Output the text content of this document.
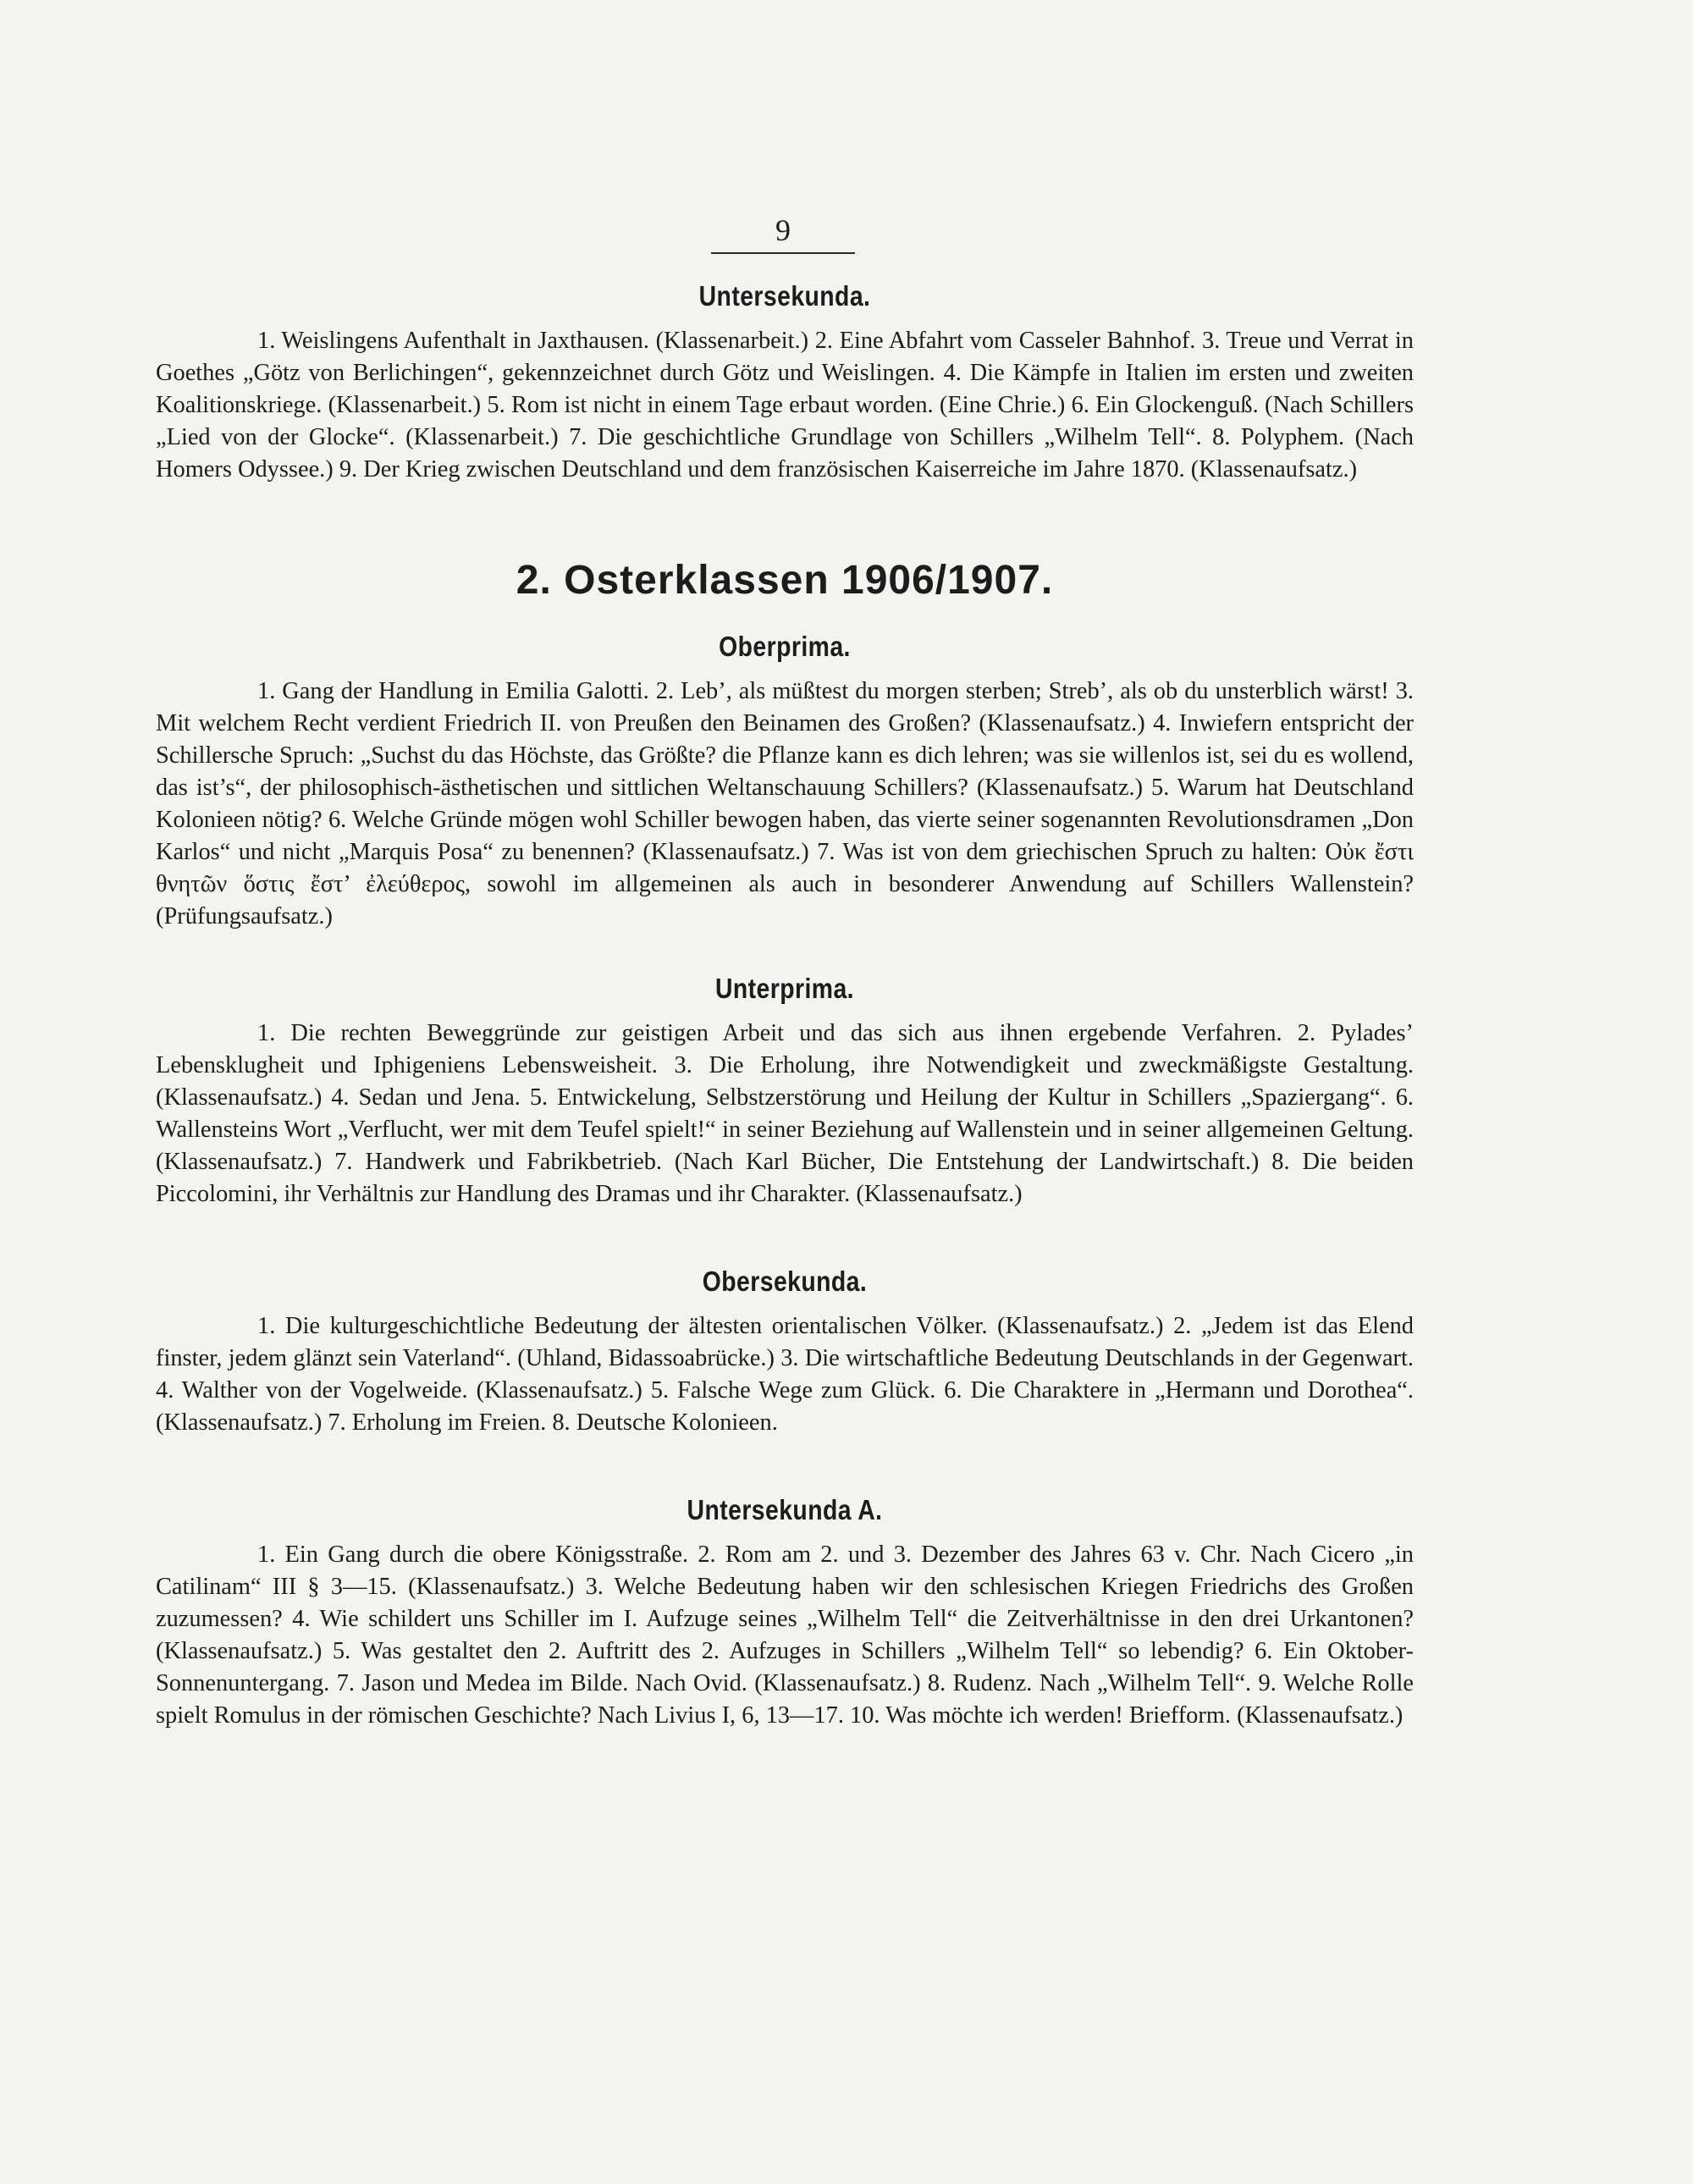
9
Untersekunda.

1. Weislingens Aufenthalt in Jaxthausen. (Klassenarbeit.) 2. Eine Abfahrt vom Casseler Bahnhof. 3. Treue und Verrat in Goethes „Götz von Berlichingen“, gekennzeichnet durch Götz und Weislingen. 4. Die Kämpfe in Italien im ersten und zweiten Koalitionskriege. (Klassenarbeit.) 5. Rom ist nicht in einem Tage erbaut worden. (Eine Chrie.) 6. Ein Glockenguß. (Nach Schillers „Lied von der Glocke“. (Klassenarbeit.) 7. Die geschichtliche Grundlage von Schillers „Wilhelm Tell“. 8. Polyphem. (Nach Homers Odyssee.) 9. Der Krieg zwischen Deutschland und dem französischen Kaiserreiche im Jahre 1870. (Klassenaufsatz.)

2. Osterklassen 1906/1907.
Oberprima.

1. Gang der Handlung in Emilia Galotti. 2. Leb’, als müßtest du morgen sterben; Streb’, als ob du unsterblich wärst! 3. Mit welchem Recht verdient Friedrich II. von Preußen den Beinamen des Großen? (Klassenaufsatz.) 4. Inwiefern entspricht der Schillersche Spruch: „Suchst du das Höchste, das Größte? die Pflanze kann es dich lehren; was sie willenlos ist, sei du es wollend, das ist’s“, der philosophisch-ästhetischen und sittlichen Weltanschauung Schillers? (Klassenaufsatz.) 5. Warum hat Deutschland Kolonieen nötig? 6. Welche Gründe mögen wohl Schiller bewogen haben, das vierte seiner sogenannten Revolutionsdramen „Don Karlos“ und nicht „Marquis Posa“ zu benennen? (Klassenaufsatz.) 7. Was ist von dem griechischen Spruch zu halten: Οὐκ ἔστι θνητῶν ὅστις ἔστ’ ἐλεύθερος, sowohl im allgemeinen als auch in besonderer Anwendung auf Schillers Wallenstein? (Prüfungsaufsatz.)

Unterprima.

1. Die rechten Beweggründe zur geistigen Arbeit und das sich aus ihnen ergebende Verfahren. 2. Pylades’ Lebensklugheit und Iphigeniens Lebensweisheit. 3. Die Erholung, ihre Notwendigkeit und zweckmäßigste Gestaltung. (Klassenaufsatz.) 4. Sedan und Jena. 5. Entwickelung, Selbstzerstörung und Heilung der Kultur in Schillers „Spaziergang“. 6. Wallensteins Wort „Verflucht, wer mit dem Teufel spielt!“ in seiner Beziehung auf Wallenstein und in seiner allgemeinen Geltung. (Klassenaufsatz.) 7. Handwerk und Fabrikbetrieb. (Nach Karl Bücher, Die Entstehung der Landwirtschaft.) 8. Die beiden Piccolomini, ihr Verhältnis zur Handlung des Dramas und ihr Charakter. (Klassenaufsatz.)

Obersekunda.

1. Die kulturgeschichtliche Bedeutung der ältesten orientalischen Völker. (Klassenaufsatz.) 2. „Jedem ist das Elend finster, jedem glänzt sein Vaterland“. (Uhland, Bidassoabrücke.) 3. Die wirtschaftliche Bedeutung Deutschlands in der Gegenwart. 4. Walther von der Vogelweide. (Klassenaufsatz.) 5. Falsche Wege zum Glück. 6. Die Charaktere in „Hermann und Dorothea“. (Klassenaufsatz.) 7. Erholung im Freien. 8. Deutsche Kolonieen.

Untersekunda A.

1. Ein Gang durch die obere Königsstraße. 2. Rom am 2. und 3. Dezember des Jahres 63 v. Chr. Nach Cicero „in Catilinam“ III § 3—15. (Klassenaufsatz.) 3. Welche Bedeutung haben wir den schlesischen Kriegen Friedrichs des Großen zuzumessen? 4. Wie schildert uns Schiller im I. Aufzuge seines „Wilhelm Tell“ die Zeitverhältnisse in den drei Urkantonen? (Klassenaufsatz.) 5. Was gestaltet den 2. Auftritt des 2. Aufzuges in Schillers „Wilhelm Tell“ so lebendig? 6. Ein Oktober-Sonnenuntergang. 7. Jason und Medea im Bilde. Nach Ovid. (Klassenaufsatz.) 8. Rudenz. Nach „Wilhelm Tell“. 9. Welche Rolle spielt Romulus in der römischen Geschichte? Nach Livius I, 6, 13—17. 10. Was möchte ich werden! Briefform. (Klassenaufsatz.)
